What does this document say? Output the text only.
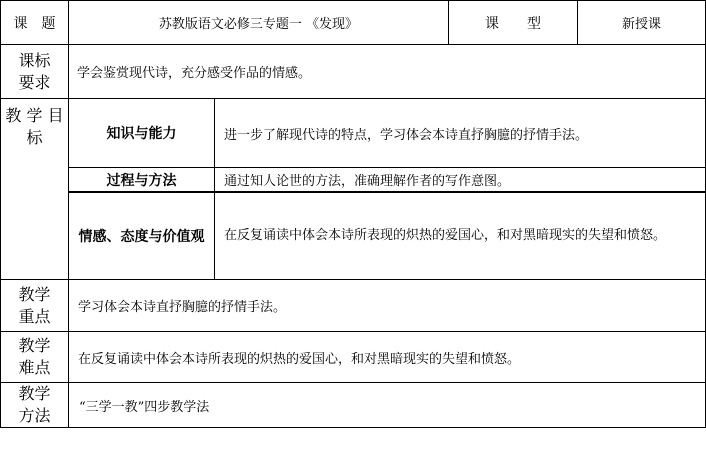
课　题	苏教版语文必修三专题一 《发现》	课　　型	新授课
课标
要求 学会鉴赏现代诗，充分感受作品的情感。
教 学 目 标	知识与能力	进一步了解现代诗的特点，学习体会本诗直抒胸臆的抒情手法。
过程与方法	通过知人论世的方法，准确理解作者的写作意图。
情感、态度与价值观 在反复诵读中体会本诗所表现的炽热的爱国心，和对黑暗现实的失望和愤怒。
教学
重点 学习体会本诗直抒胸臆的抒情手法。
教学
难点 在反复诵读中体会本诗所表现的炽热的爱国心，和对黑暗现实的失望和愤怒。
教学
方法 “三学一教”四步教学法
